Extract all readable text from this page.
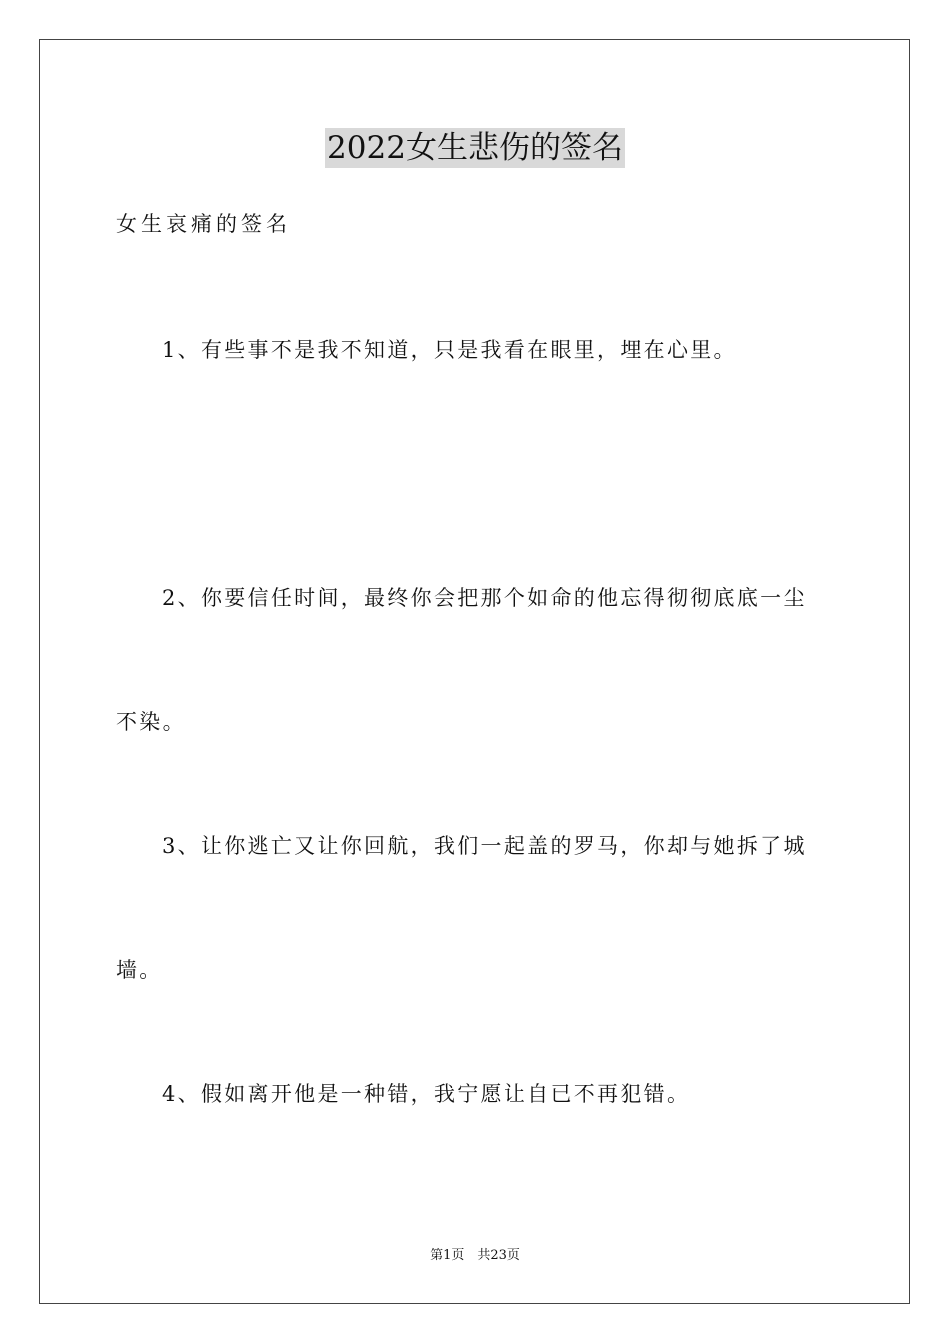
2022女生悲伤的签名
女生哀痛的签名
1、有些事不是我不知道，只是我看在眼里，埋在心里。
2、你要信任时间，最终你会把那个如命的他忘得彻彻底底一尘
不染。
3、让你逃亡又让你回航，我们一起盖的罗马，你却与她拆了城
墙。
4、假如离开他是一种错，我宁愿让自已不再犯错。
第1页　共23页
